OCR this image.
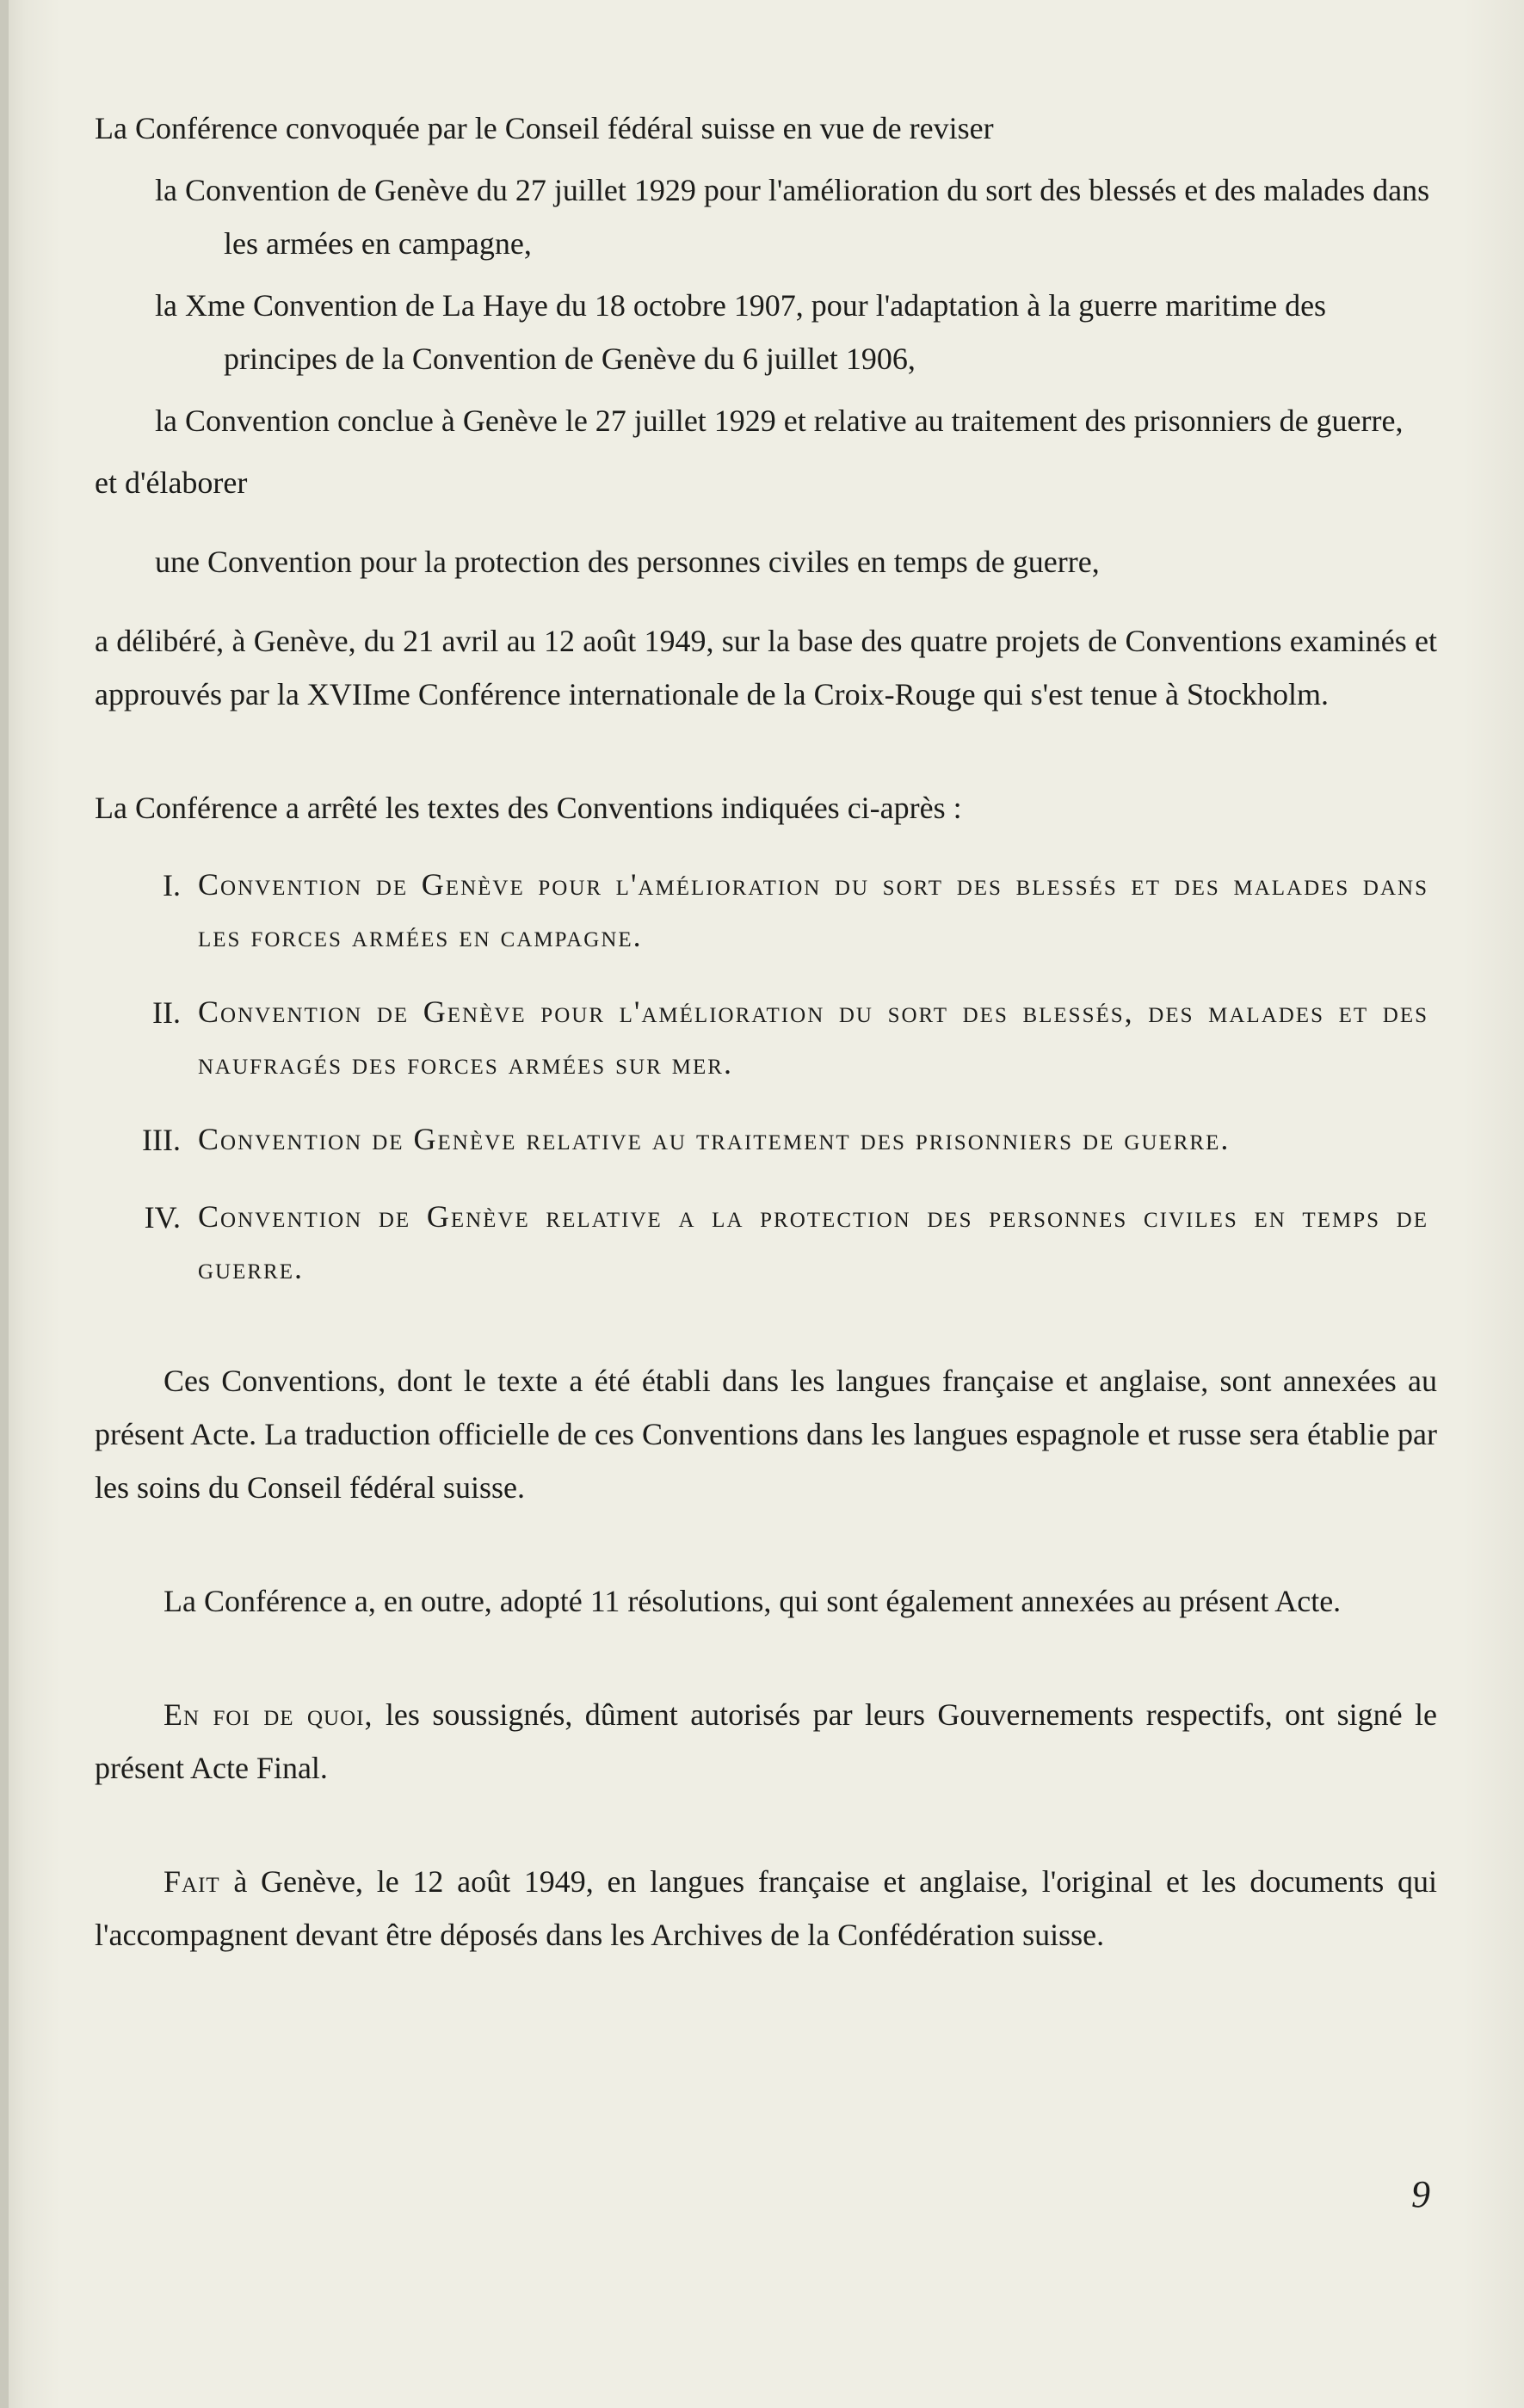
La Conférence convoquée par le Conseil fédéral suisse en vue de reviser

la Convention de Genève du 27 juillet 1929 pour l'amélioration du sort des blessés et des malades dans les armées en campagne,

la Xme Convention de La Haye du 18 octobre 1907, pour l'adaptation à la guerre maritime des principes de la Convention de Genève du 6 juillet 1906,

la Convention conclue à Genève le 27 juillet 1929 et relative au traitement des prisonniers de guerre,

et d'élaborer

une Convention pour la protection des personnes civiles en temps de guerre,

a délibéré, à Genève, du 21 avril au 12 août 1949, sur la base des quatre projets de Conventions examinés et approuvés par la XVIIme Conférence internationale de la Croix-Rouge qui s'est tenue à Stockholm.

La Conférence a arrêté les textes des Conventions indiquées ci-après :

I. Convention de Genève pour l'amélioration du sort des blessés et des malades dans les forces armées en campagne.
II. Convention de Genève pour l'amélioration du sort des blessés, des malades et des naufragés des forces armées sur mer.
III. Convention de Genève relative au traitement des prisonniers de guerre.
IV. Convention de Genève relative a la protection des personnes civiles en temps de guerre.

Ces Conventions, dont le texte a été établi dans les langues française et anglaise, sont annexées au présent Acte. La traduction officielle de ces Conventions dans les langues espagnole et russe sera établie par les soins du Conseil fédéral suisse.

La Conférence a, en outre, adopté 11 résolutions, qui sont également annexées au présent Acte.

En foi de quoi, les soussignés, dûment autorisés par leurs Gouvernements respectifs, ont signé le présent Acte Final.

Fait à Genève, le 12 août 1949, en langues française et anglaise, l'original et les documents qui l'accompagnent devant être déposés dans les Archives de la Confédération suisse.

9
